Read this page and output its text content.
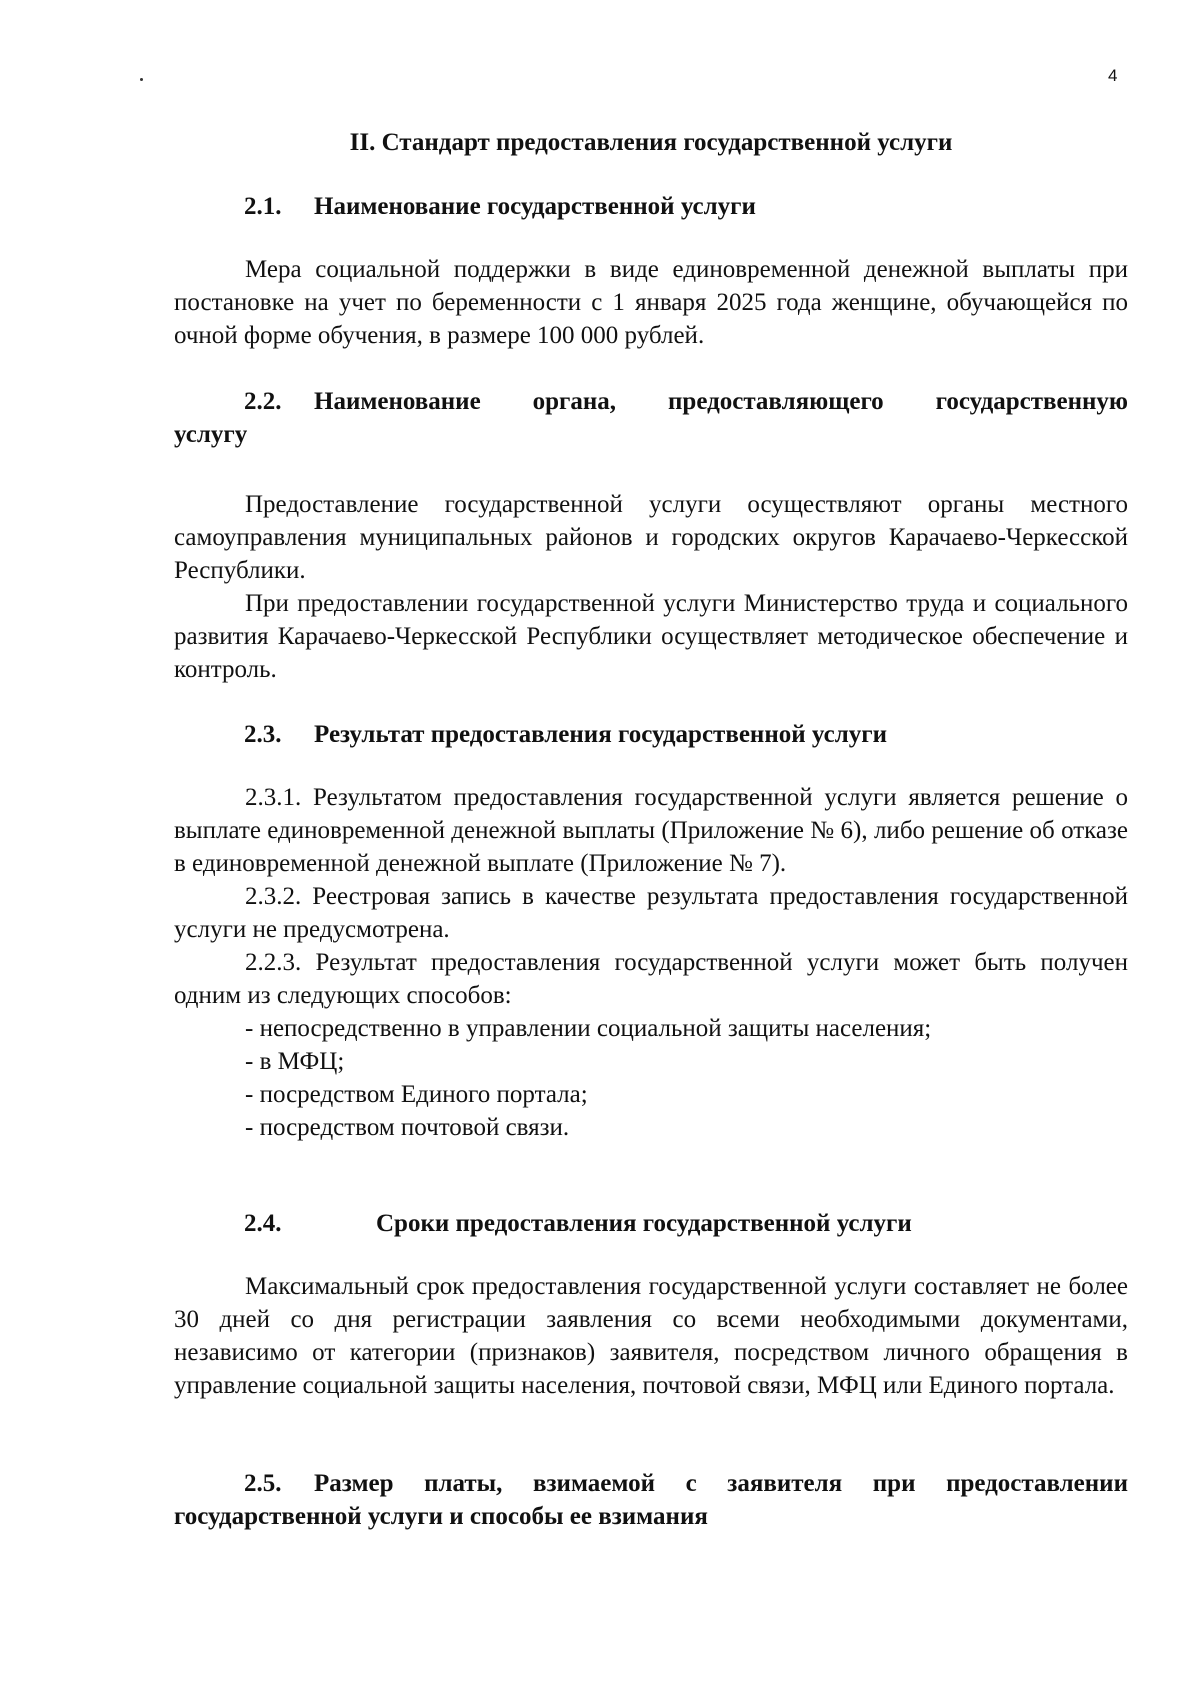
4
II. Стандарт предоставления государственной услуги
2.1. Наименование государственной услуги

Мера социальной поддержки в виде единовременной денежной выплаты при постановке на учет по беременности с 1 января 2025 года женщине, обучающейся по очной форме обучения, в размере 100 000 рублей.

2.2. Наименование органа, предоставляющего государственную
услугу

Предоставление государственной услуги осуществляют органы местного самоуправления муниципальных районов и городских округов Карачаево-Черкесской Республики.

При предоставлении государственной услуги Министерство труда и социального развития Карачаево-Черкесской Республики осуществляет методическое обеспечение и контроль.

2.3. Результат предоставления государственной услуги

2.3.1. Результатом предоставления государственной услуги является решение о выплате единовременной денежной выплаты (Приложение № 6), либо решение об отказе в единовременной денежной выплате (Приложение № 7).

2.3.2. Реестровая запись в качестве результата предоставления государственной услуги не предусмотрена.

2.2.3. Результат предоставления государственной услуги может быть получен одним из следующих способов:

- непосредственно в управлении социальной защиты населения;

- в МФЦ;

- посредством Единого портала;

- посредством почтовой связи.

2.4.	Сроки предоставления государственной услуги

Максимальный срок предоставления государственной услуги составляет не более 30 дней со дня регистрации заявления со всеми необходимыми документами, независимо от категории (признаков) заявителя, посредством личного обращения в управление социальной защиты населения, почтовой связи, МФЦ или Единого портала.

2.5. Размер платы, взимаемой с заявителя при предоставлении
государственной услуги и способы ее взимания
